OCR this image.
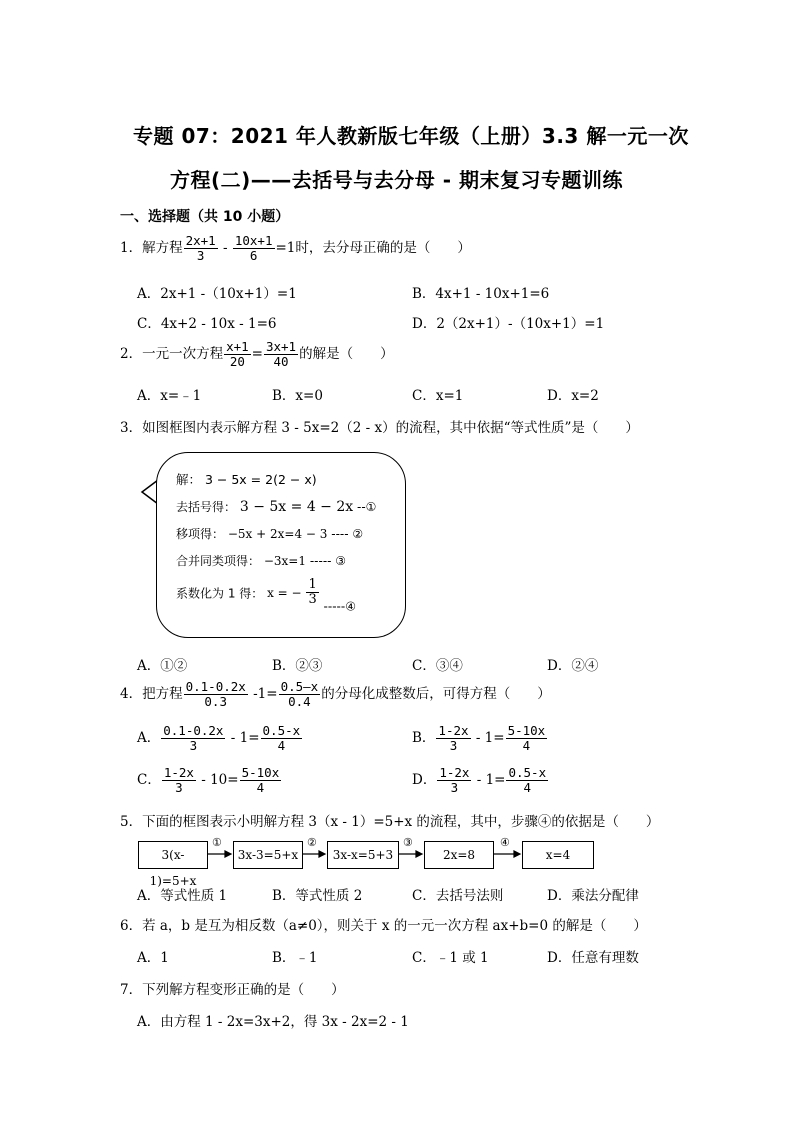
专题 07：2021 年人教新版七年级（上册）3.3 解一元一次
方程(二)——去括号与去分母 - 期末复习专题训练
一、选择题（共 10 小题）
1．解方程 $\frac{2x+1}{3} - \frac{10x+1}{6} =1$时，去分母正确的是（　　）
A．2x+1 -（10x+1）=1	B．4x+1 - 10x+1=6
C．4x+2 - 10x - 1=6	D．2（2x+1）-（10x+1）=1
2．一元一次方程 $\frac{x+1}{20} = \frac{3x+1}{40}$ 的解是（　　）
A．x=﹣1	B．x=0	C．x=1	D．x=2
3．如图框图内表示解方程 3 - 5x=2（2 - x）的流程，其中依据“等式性质”是（　　）
解： 3 − 5x = 2(2 − x)
去括号得： 3 − 5x = 4 − 2x --①
移项得： −5x + 2x=4 − 3 ---- ②
合并同类项得： −3x=1 ----- ③
系数化为 1 得： x = − $\frac{1}{3}$ -----④
A．①②	B．②③	C．③④	D．②④
4．把方程 $\frac{0.1-0.2x}{0.3} -1= \frac{0.5—x}{0.4}$ 的分母化成整数后，可得方程（　　）
A． $\frac{0.1-0.2x}{3} - 1= \frac{0.5-x}{4}$	B． $\frac{1-2x}{3} - 1= \frac{5-10x}{4}$
C． $\frac{1-2x}{3} - 10= \frac{5-10x}{4}$	D． $\frac{1-2x}{3} - 1= \frac{0.5-x}{4}$
5．下面的框图表示小明解方程 3（x - 1）=5+x 的流程，其中，步骤④的依据是（　　）
3(x-1)=5+x
3x-3=5+x	3x-x=5+3	2x=8	x=4
①	②	③	④
A．等式性质 1	B．等式性质 2	C．去括号法则	D．乘法分配律
6．若 a，b 是互为相反数（a≠0），则关于 x 的一元一次方程 ax+b=0 的解是（　　）
A．1	B．﹣1	C．﹣1 或 1	D．任意有理数
7．下列解方程变形正确的是（　　）
A．由方程 1 - 2x=3x+2，得 3x - 2x=2 - 1
